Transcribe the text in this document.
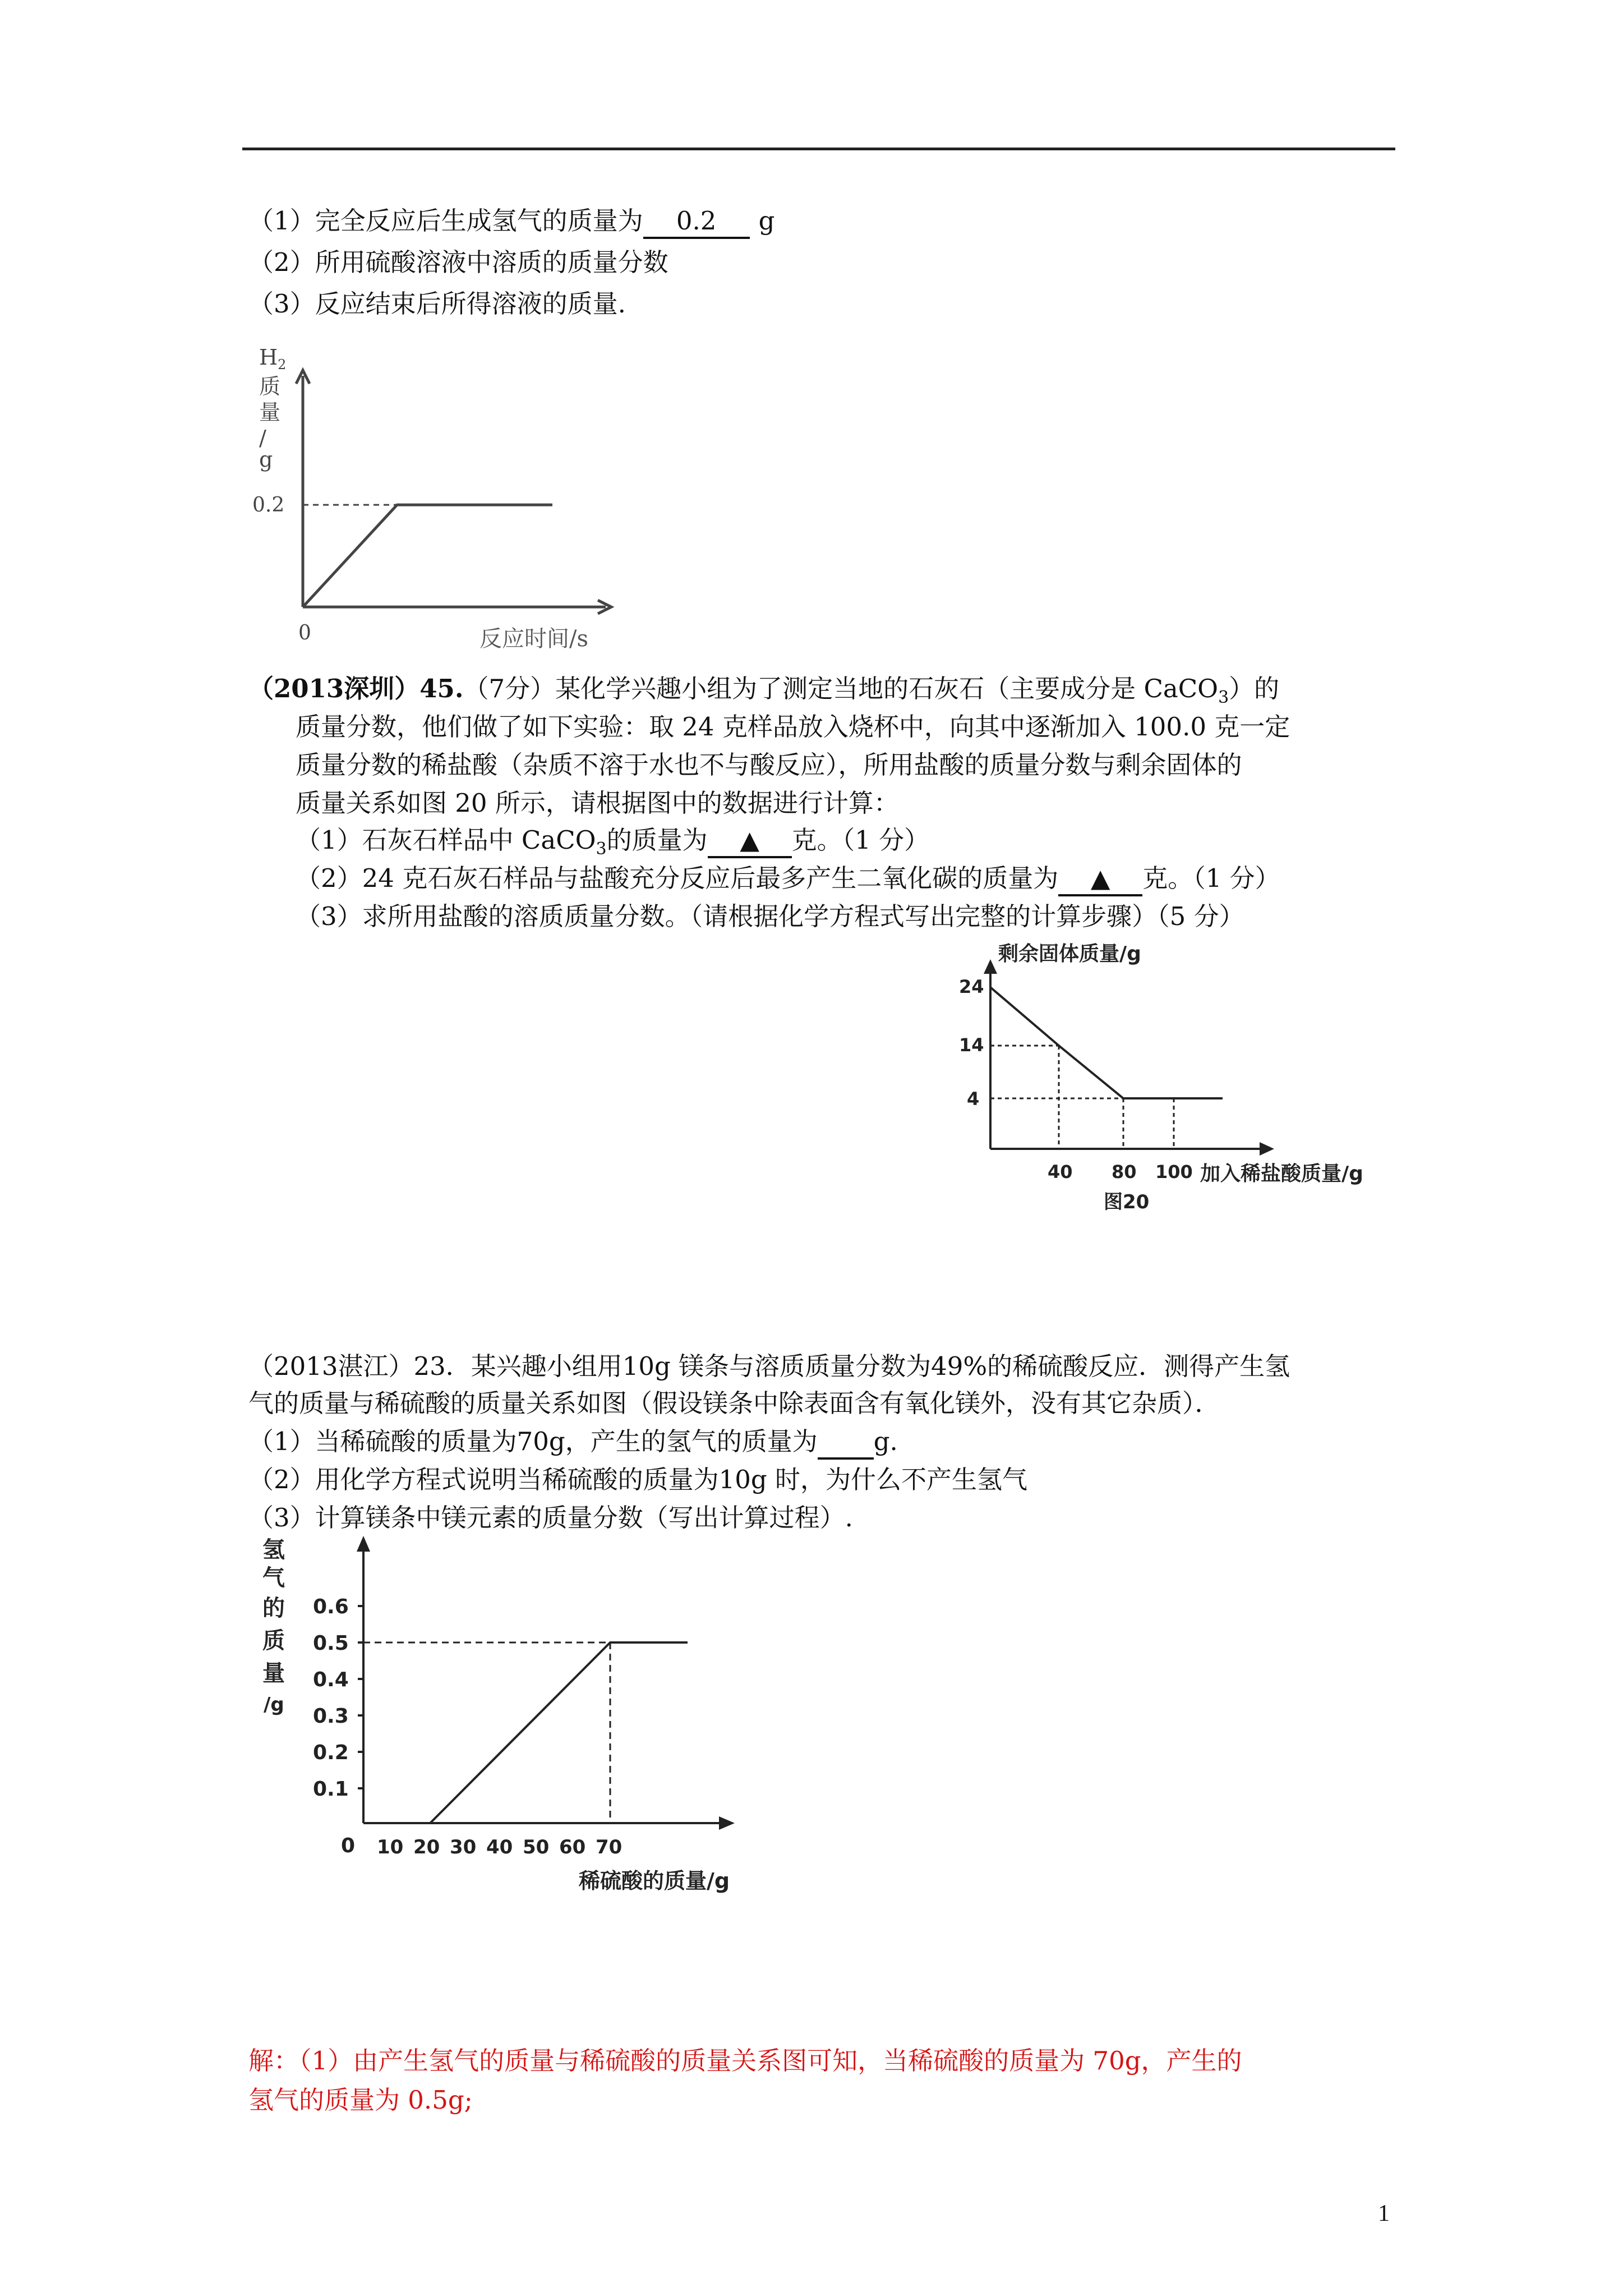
（1）完全反应后生成氢气的质量为 0.2 g
（2）所用硫酸溶液中溶质的质量分数
（3）反应结束后所得溶液的质量.
$H_2$
质
量
/
g
0.2
0	反应时间/s
（2013深圳）45.（7分）某化学兴趣小组为了测定当地的石灰石（主要成分是 CaCO$_3$）的
质量分数，他们做了如下实验：取 24 克样品放入烧杯中，向其中逐渐加入 100.0 克一定
质量分数的稀盐酸（杂质不溶于水也不与酸反应），所用盐酸的质量分数与剩余固体的
质量关系如图 20 所示，请根据图中的数据进行计算：
（1）石灰石样品中 CaCO$_3$的质量为 ▲ 克。（1 分）
（2）24 克石灰石样品与盐酸充分反应后最多产生二氧化碳的质量为 ▲ 克。（1 分）
（3）求所用盐酸的溶质质量分数。（请根据化学方程式写出完整的计算步骤）（5 分）
剩余固体质量/g
24
14
4
40 80 100 加入稀盐酸质量/g
图20
（2013湛江）23．某兴趣小组用10g 镁条与溶质质量分数为49%的稀硫酸反应．测得产生氢
气的质量与稀硫酸的质量关系如图（假设镁条中除表面含有氧化镁外，没有其它杂质）．
（1）当稀硫酸的质量为70g，产生的氢气的质量为 g.
（2）用化学方程式说明当稀硫酸的质量为10g 时，为什么不产生氢气
（3）计算镁条中镁元素的质量分数（写出计算过程）.
氢
气
的
质
量
/g
0.1
0.2
0.3
0.4
0.5
0.6
0 10 20 30 40 50 60 70
稀硫酸的质量/g
解：（1）由产生氢气的质量与稀硫酸的质量关系图可知，当稀硫酸的质量为 70g，产生的
氢气的质量为 0.5g;
1
